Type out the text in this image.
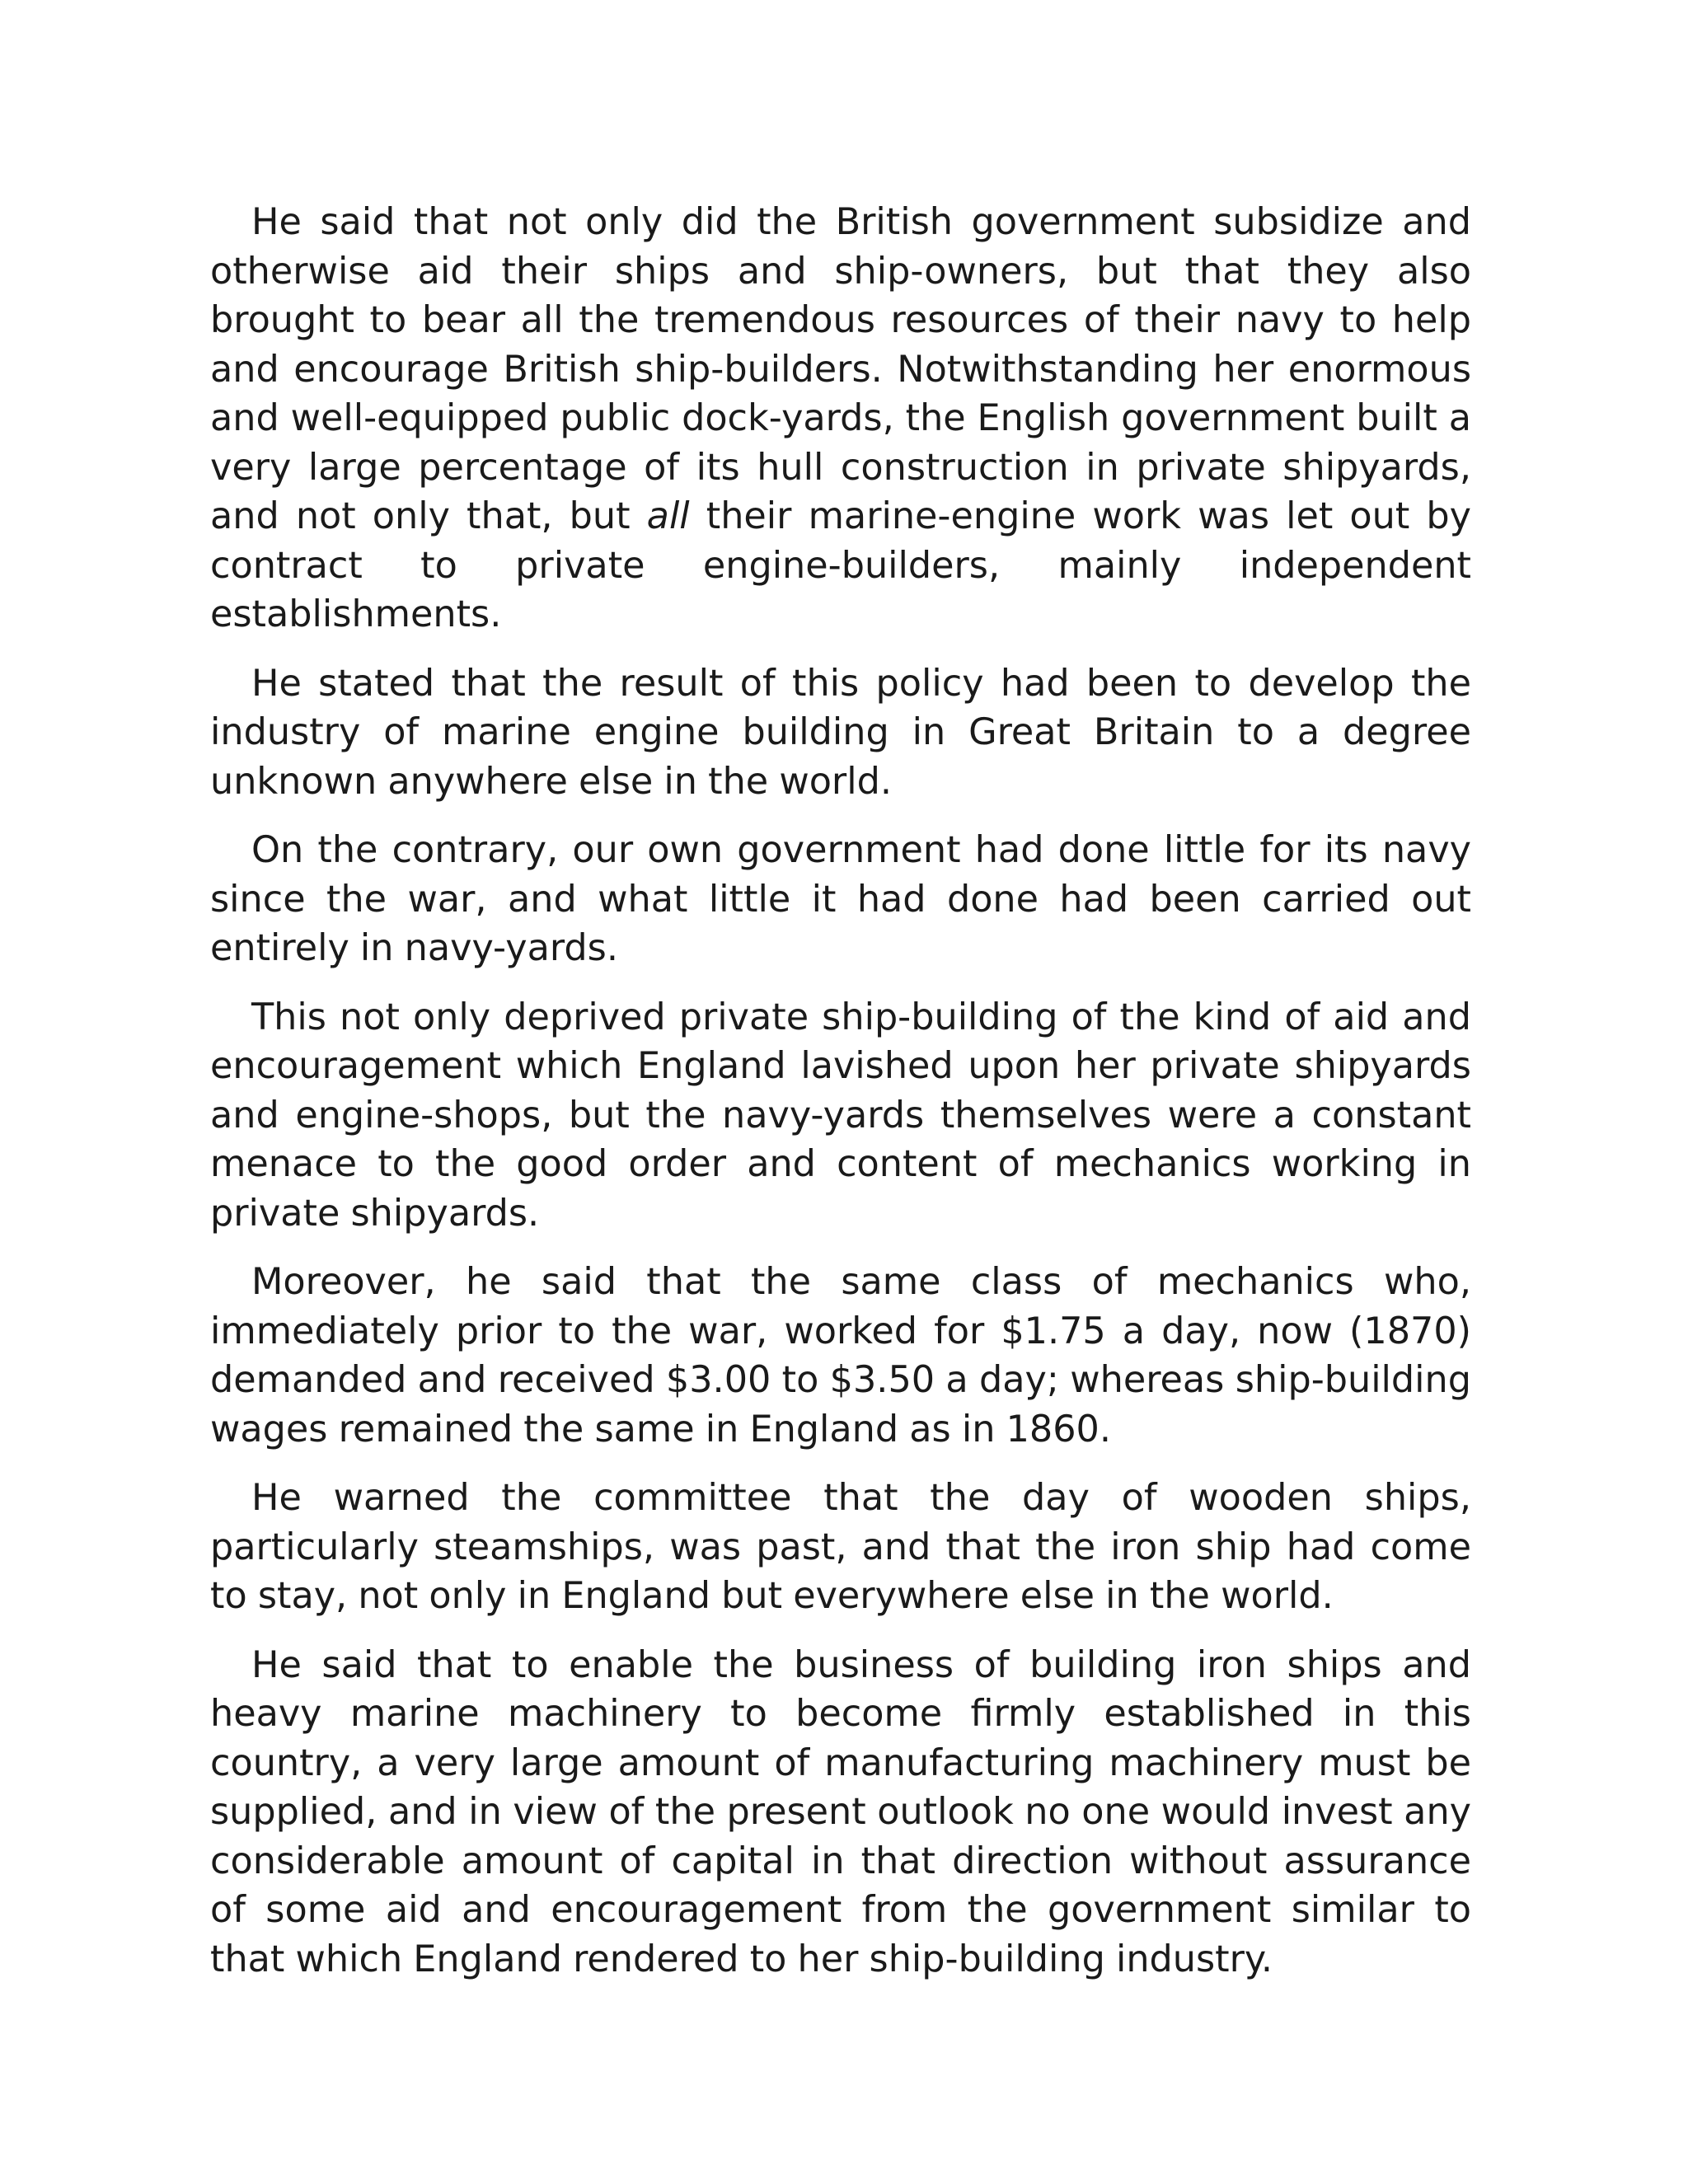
He said that not only did the British government subsidize and otherwise aid their ships and ship-owners, but that they also brought to bear all the tremendous resources of their navy to help and encourage British ship-builders. Notwithstanding her enormous and well-equipped public dock-yards, the English government built a very large percentage of its hull construction in private shipyards, and not only that, but all their marine-engine work was let out by contract to private engine-builders, mainly independent establishments.

He stated that the result of this policy had been to develop the industry of marine engine building in Great Britain to a degree unknown anywhere else in the world.

On the contrary, our own government had done little for its navy since the war, and what little it had done had been carried out entirely in navy-yards.

This not only deprived private ship-building of the kind of aid and encouragement which England lavished upon her private shipyards and engine-shops, but the navy-yards themselves were a constant menace to the good order and content of mechanics working in private shipyards.

Moreover, he said that the same class of mechanics who, immediately prior to the war, worked for $1.75 a day, now (1870) demanded and received $3.00 to $3.50 a day; whereas ship-building wages remained the same in England as in 1860.

He warned the committee that the day of wooden ships, particularly steamships, was past, and that the iron ship had come to stay, not only in England but everywhere else in the world.

He said that to enable the business of building iron ships and heavy marine machinery to become firmly established in this country, a very large amount of manufacturing machinery must be supplied, and in view of the present outlook no one would invest any considerable amount of capital in that direction without assurance of some aid and encouragement from the government similar to that which England rendered to her ship-building industry.
